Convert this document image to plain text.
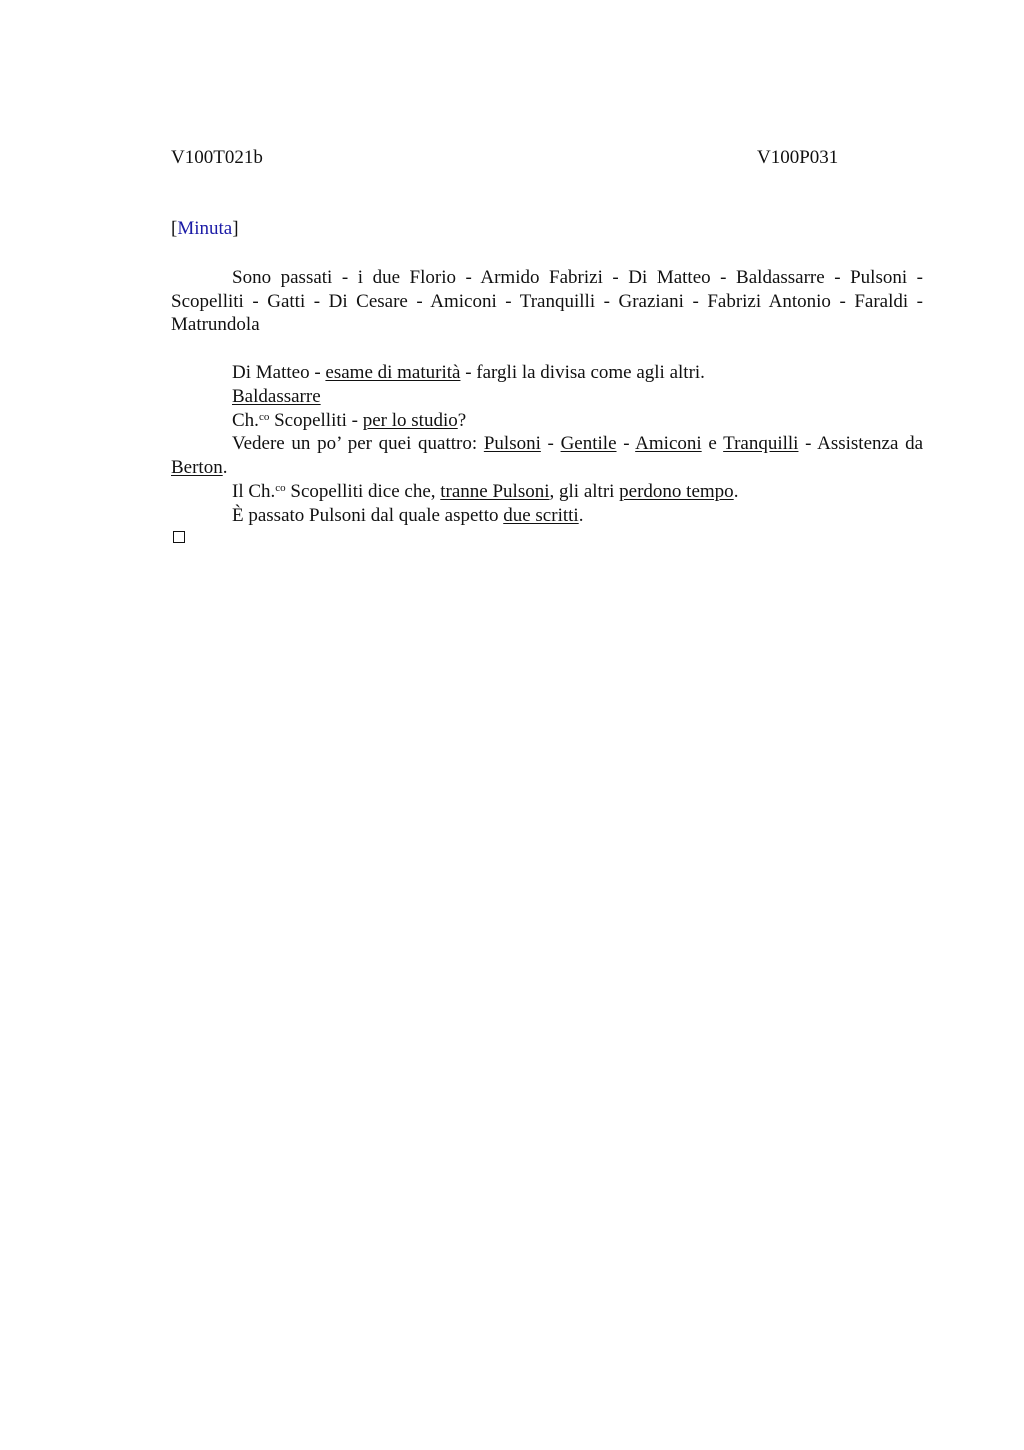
V100T021b	V100P031
[Minuta]
Sono passati - i due Florio - Armido Fabrizi - Di Matteo - Baldassarre - Pulsoni - Scopelliti - Gatti - Di Cesare - Amiconi - Tranquilli - Graziani - Fabrizi Antonio - Faraldi - Matrundola
Di Matteo - esame di maturità - fargli la divisa come agli altri.
Baldassarre
Ch.$^{co}$ Scopelliti - per lo studio?
Vedere un po’ per quei quattro: Pulsoni - Gentile - Amiconi e Tranquilli - Assistenza da Berton.
Il Ch.$^{co}$ Scopelliti dice che, tranne Pulsoni, gli altri perdono tempo.
È passato Pulsoni dal quale aspetto due scritti.
